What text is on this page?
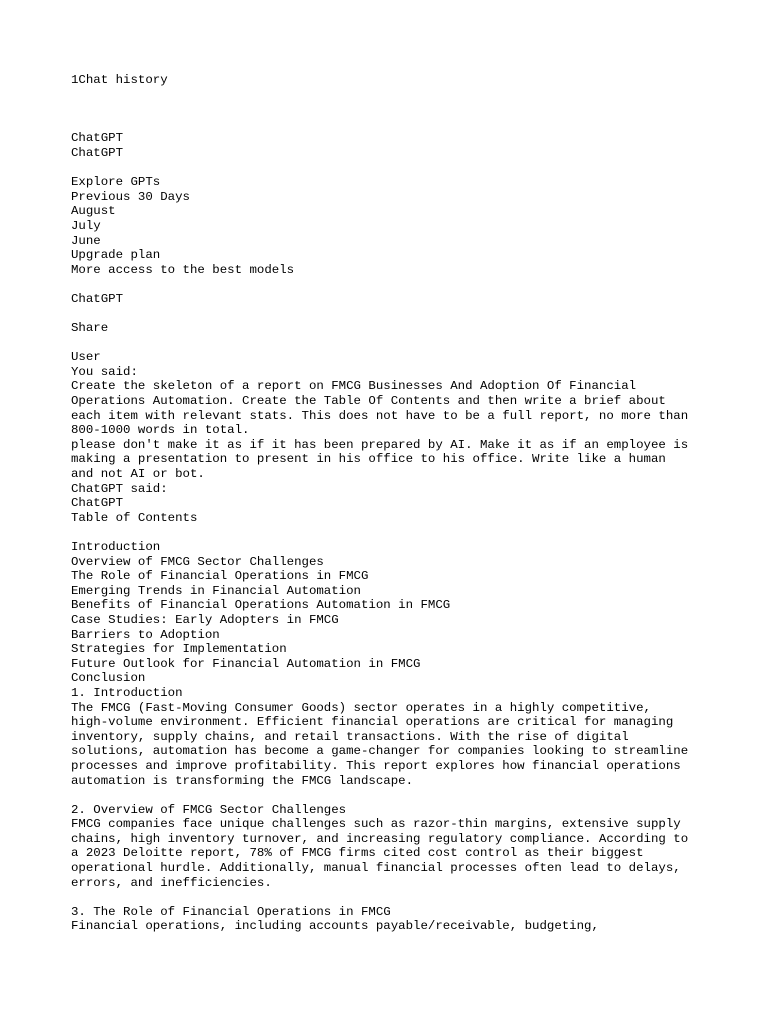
1Chat history
ChatGPT
ChatGPT
Explore GPTs
Previous 30 Days
August
July
June
Upgrade plan
More access to the best models
ChatGPT
Share
User
You said:
Create the skeleton of a report on FMCG Businesses And Adoption Of Financial
Operations Automation. Create the Table Of Contents and then write a brief about
each item with relevant stats. This does not have to be a full report, no more than
800-1000 words in total.
please don't make it as if it has been prepared by AI. Make it as if an employee is
making a presentation to present in his office to his office. Write like a human
and not AI or bot.
ChatGPT said:
ChatGPT
Table of Contents
Introduction
Overview of FMCG Sector Challenges
The Role of Financial Operations in FMCG
Emerging Trends in Financial Automation
Benefits of Financial Operations Automation in FMCG
Case Studies: Early Adopters in FMCG
Barriers to Adoption
Strategies for Implementation
Future Outlook for Financial Automation in FMCG
Conclusion
1. Introduction
The FMCG (Fast-Moving Consumer Goods) sector operates in a highly competitive,
high-volume environment. Efficient financial operations are critical for managing
inventory, supply chains, and retail transactions. With the rise of digital
solutions, automation has become a game-changer for companies looking to streamline
processes and improve profitability. This report explores how financial operations
automation is transforming the FMCG landscape.
2. Overview of FMCG Sector Challenges
FMCG companies face unique challenges such as razor-thin margins, extensive supply
chains, high inventory turnover, and increasing regulatory compliance. According to
a 2023 Deloitte report, 78% of FMCG firms cited cost control as their biggest
operational hurdle. Additionally, manual financial processes often lead to delays,
errors, and inefficiencies.
3. The Role of Financial Operations in FMCG
Financial operations, including accounts payable/receivable, budgeting,
